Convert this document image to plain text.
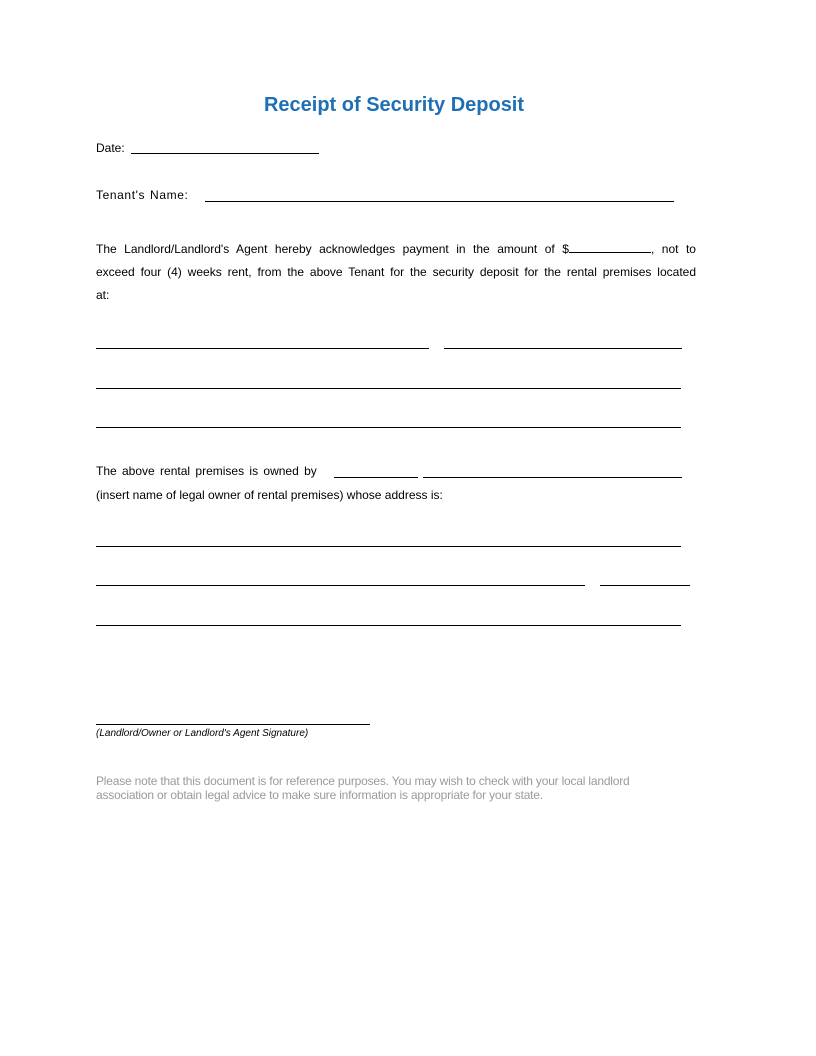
Receipt of Security Deposit
Date:
Tenant's Name:
The Landlord/Landlord's Agent hereby acknowledges payment in the amount of $	, not to exceed four (4) weeks rent, from the above Tenant for the security deposit for the rental premises located at:
The above rental premises is owned by
(insert name of legal owner of rental premises) whose address is:
(Landlord/Owner or Landlord's Agent Signature)
Please note that this document is for reference purposes. You may wish to check with your local landlord association or obtain legal advice to make sure information is appropriate for your state.
